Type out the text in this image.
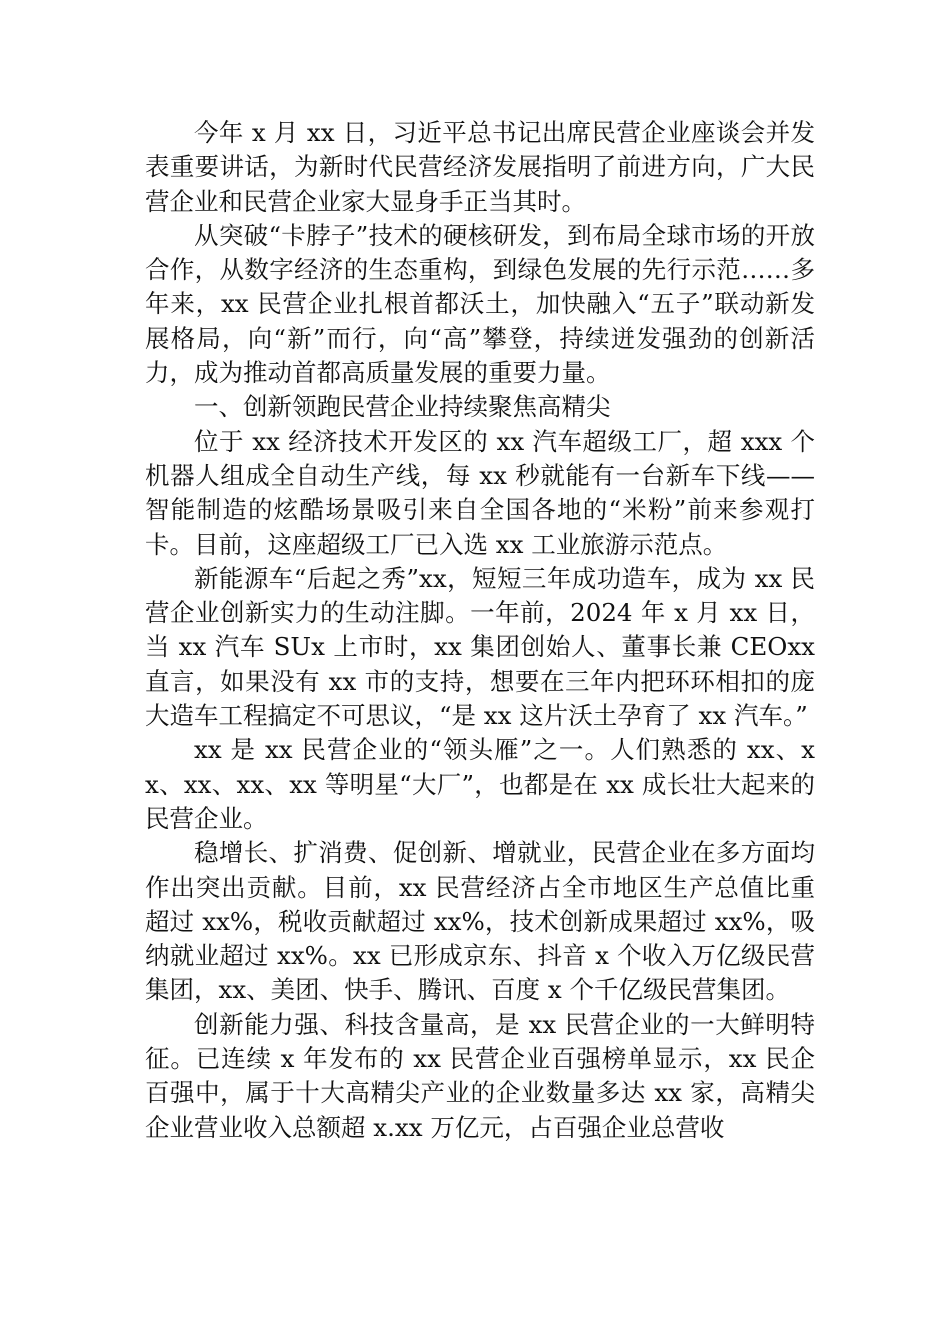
今年 x 月 xx 日，习近平总书记出席民营企业座谈会并发表重要讲话，为新时代民营经济发展指明了前进方向，广大民营企业和民营企业家大显身手正当其时。

从突破“卡脖子”技术的硬核研发，到布局全球市场的开放合作，从数字经济的生态重构，到绿色发展的先行示范……多年来，xx 民营企业扎根首都沃土，加快融入“五子”联动新发展格局，向“新”而行，向“高”攀登，持续迸发强劲的创新活力，成为推动首都高质量发展的重要力量。

一、创新领跑民营企业持续聚焦高精尖

位于 xx 经济技术开发区的 xx 汽车超级工厂，超 xxx 个机器人组成全自动生产线，每 xx 秒就能有一台新车下线——智能制造的炫酷场景吸引来自全国各地的“米粉”前来参观打卡。目前，这座超级工厂已入选 xx 工业旅游示范点。

新能源车“后起之秀”xx，短短三年成功造车，成为 xx 民营企业创新实力的生动注脚。一年前，2024 年 x 月 xx 日，当 xx 汽车 SUx 上市时，xx 集团创始人、董事长兼 CEOxx 直言，如果没有 xx 市的支持，想要在三年内把环环相扣的庞大造车工程搞定不可思议，“是 xx 这片沃土孕育了 xx 汽车。”

xx 是 xx 民营企业的“领头雁”之一。人们熟悉的 xx、xx、xx、xx、xx 等明星“大厂”，也都是在 xx 成长壮大起来的民营企业。

稳增长、扩消费、促创新、增就业，民营企业在多方面均作出突出贡献。目前，xx 民营经济占全市地区生产总值比重超过 xx%，税收贡献超过 xx%，技术创新成果超过 xx%，吸纳就业超过 xx%。xx 已形成京东、抖音 x 个收入万亿级民营集团，xx、美团、快手、腾讯、百度 x 个千亿级民营集团。

创新能力强、科技含量高，是 xx 民营企业的一大鲜明特征。已连续 x 年发布的 xx 民营企业百强榜单显示，xx 民企百强中，属于十大高精尖产业的企业数量多达 xx 家，高精尖企业营业收入总额超 x.xx 万亿元，占百强企业总营收
